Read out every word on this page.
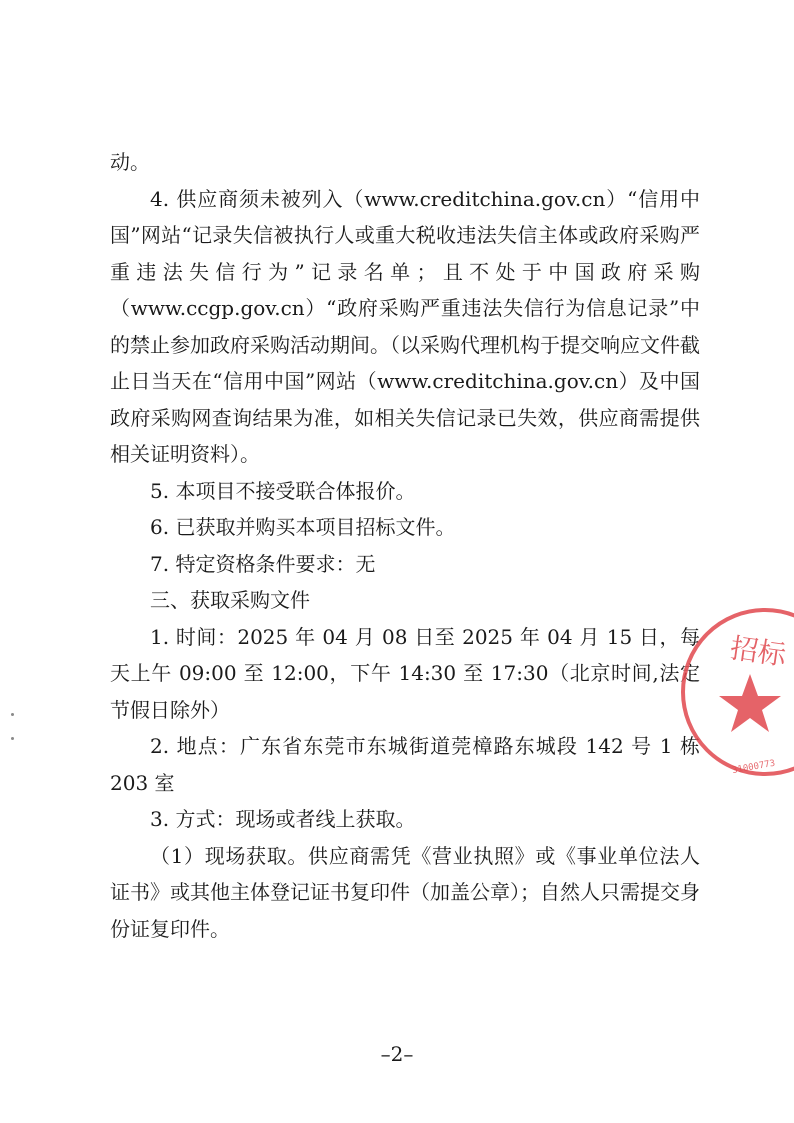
动。

4. 供应商须未被列入（www.creditchina.gov.cn）“信用中国”网站“记录失信被执行人或重大税收违法失信主体或政府采购严重违法失信行为”记录名单；且不处于中国政府采购（www.ccgp.gov.cn）“政府采购严重违法失信行为信息记录”中的禁止参加政府采购活动期间。（以采购代理机构于提交响应文件截止日当天在“信用中国”网站（www.creditchina.gov.cn）及中国政府采购网查询结果为准，如相关失信记录已失效，供应商需提供相关证明资料）。

5. 本项目不接受联合体报价。

6. 已获取并购买本项目招标文件。

7. 特定资格条件要求：无

三、获取采购文件

1. 时间：2025 年 04 月 08 日至 2025 年 04 月 15 日，每天上午 09:00 至 12:00，下午 14:30 至 17:30（北京时间,法定节假日除外）

2. 地点：广东省东莞市东城街道莞樟路东城段 142 号 1 栋 203 室

3. 方式：现场或者线上获取。

（1）现场获取。供应商需凭《营业执照》或《事业单位法人证书》或其他主体登记证书复印件（加盖公章）；自然人只需提交身份证复印件。

招标
31000773
–2–
